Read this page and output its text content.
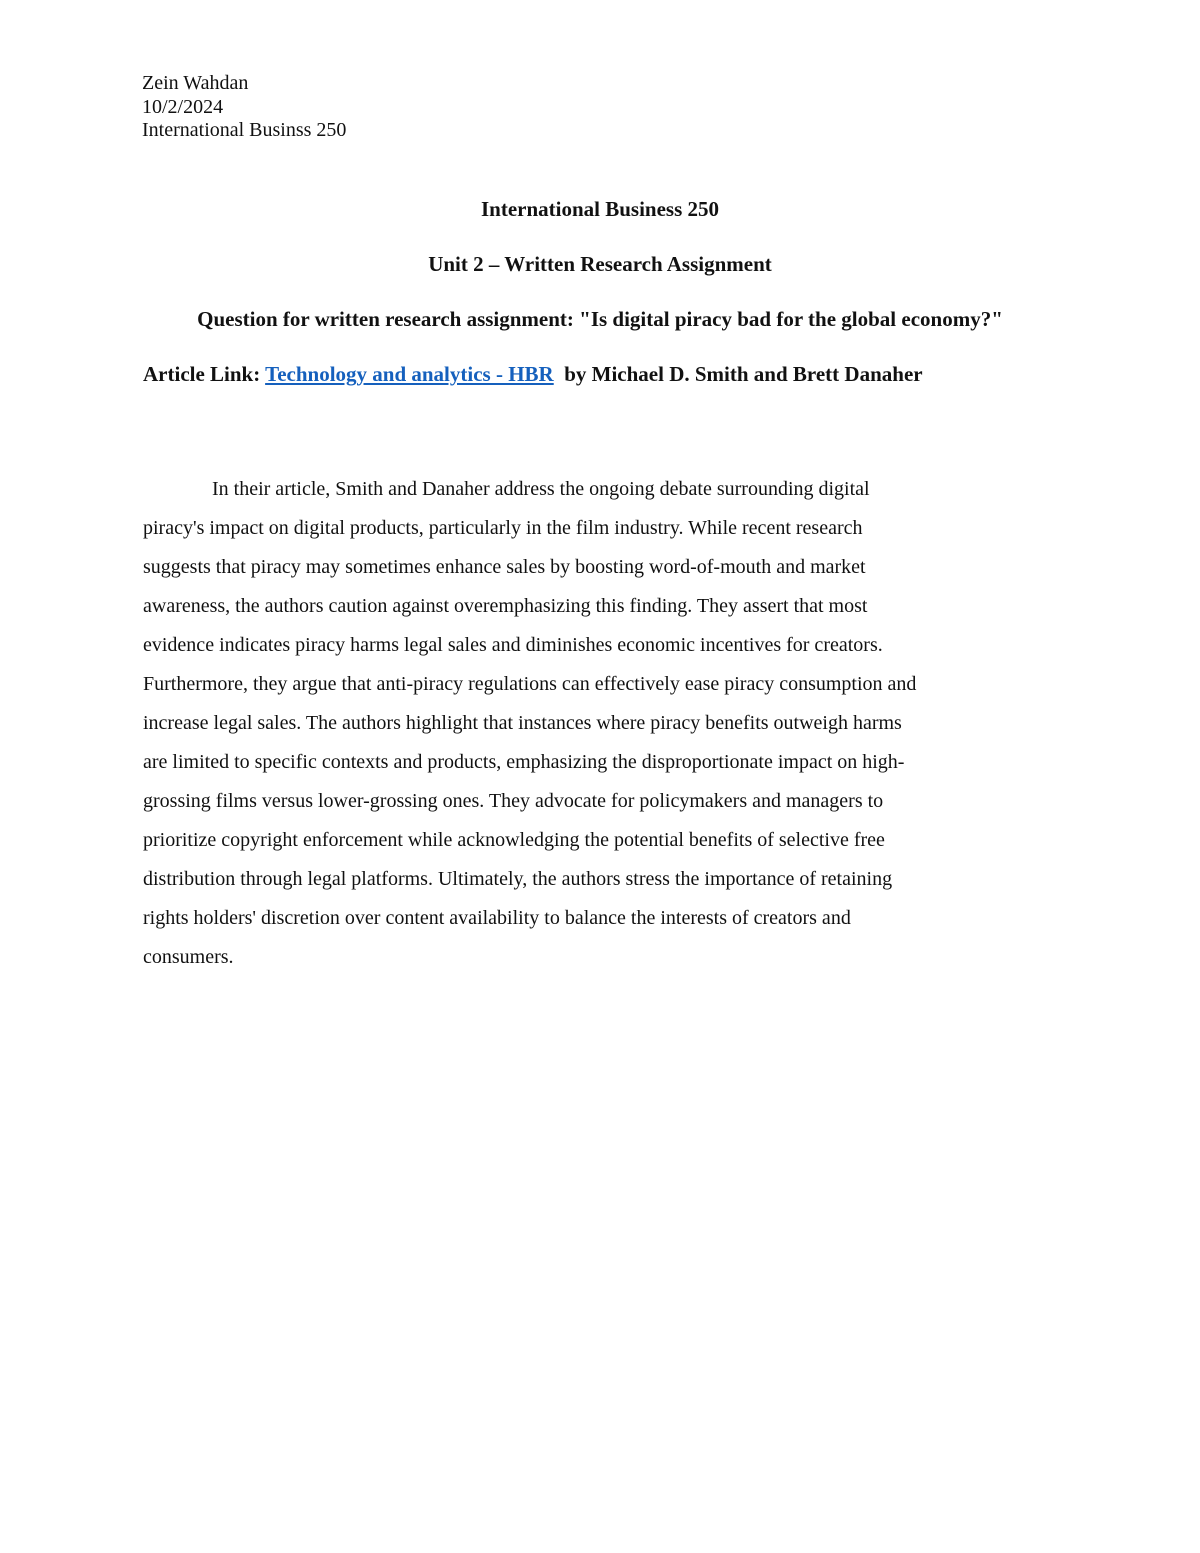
Zein Wahdan
10/2/2024
International Businss 250
International Business 250
Unit 2 – Written Research Assignment
Question for written research assignment: "Is digital piracy bad for the global economy?"
Article Link: Technology and analytics - HBR by Michael D. Smith and Brett Danaher
In their article, Smith and Danaher address the ongoing debate surrounding digital
piracy's impact on digital products, particularly in the film industry. While recent research
suggests that piracy may sometimes enhance sales by boosting word-of-mouth and market
awareness, the authors caution against overemphasizing this finding. They assert that most
evidence indicates piracy harms legal sales and diminishes economic incentives for creators.
Furthermore, they argue that anti-piracy regulations can effectively ease piracy consumption and
increase legal sales. The authors highlight that instances where piracy benefits outweigh harms
are limited to specific contexts and products, emphasizing the disproportionate impact on high-
grossing films versus lower-grossing ones. They advocate for policymakers and managers to
prioritize copyright enforcement while acknowledging the potential benefits of selective free
distribution through legal platforms. Ultimately, the authors stress the importance of retaining
rights holders' discretion over content availability to balance the interests of creators and
consumers.
